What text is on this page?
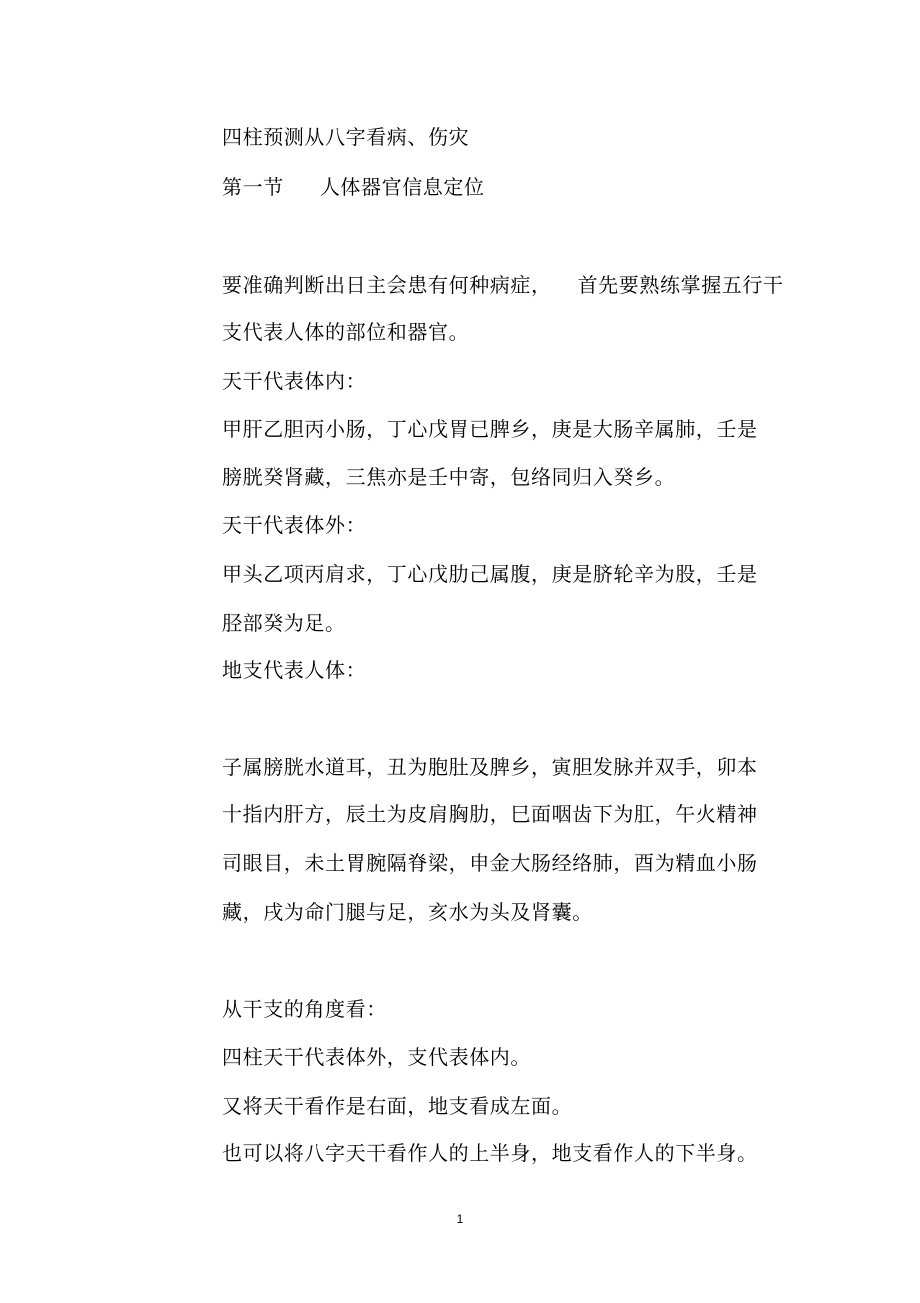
四柱预测从八字看病、伤灾
第一节 人体器官信息定位
要准确判断出日主会患有何种病症， 首先要熟练掌握五行干
支代表人体的部位和器官。
天干代表体内：
甲肝乙胆丙小肠，丁心戊胃已脾乡，庚是大肠辛属肺，壬是
膀胱癸肾藏，三焦亦是壬中寄，包络同归入癸乡。
天干代表体外：
甲头乙项丙肩求，丁心戊肋己属腹，庚是脐轮辛为股，壬是
胫部癸为足。
地支代表人体：
子属膀胱水道耳，丑为胞肚及脾乡，寅胆发脉并双手，卯本
十指内肝方，辰土为皮肩胸肋，巳面咽齿下为肛，午火精神
司眼目，未土胃腕隔脊梁，申金大肠经络肺，酉为精血小肠
藏，戌为命门腿与足，亥水为头及肾囊。
从干支的角度看：
四柱天干代表体外，支代表体内。
又将天干看作是右面，地支看成左面。
也可以将八字天干看作人的上半身，地支看作人的下半身。
1
